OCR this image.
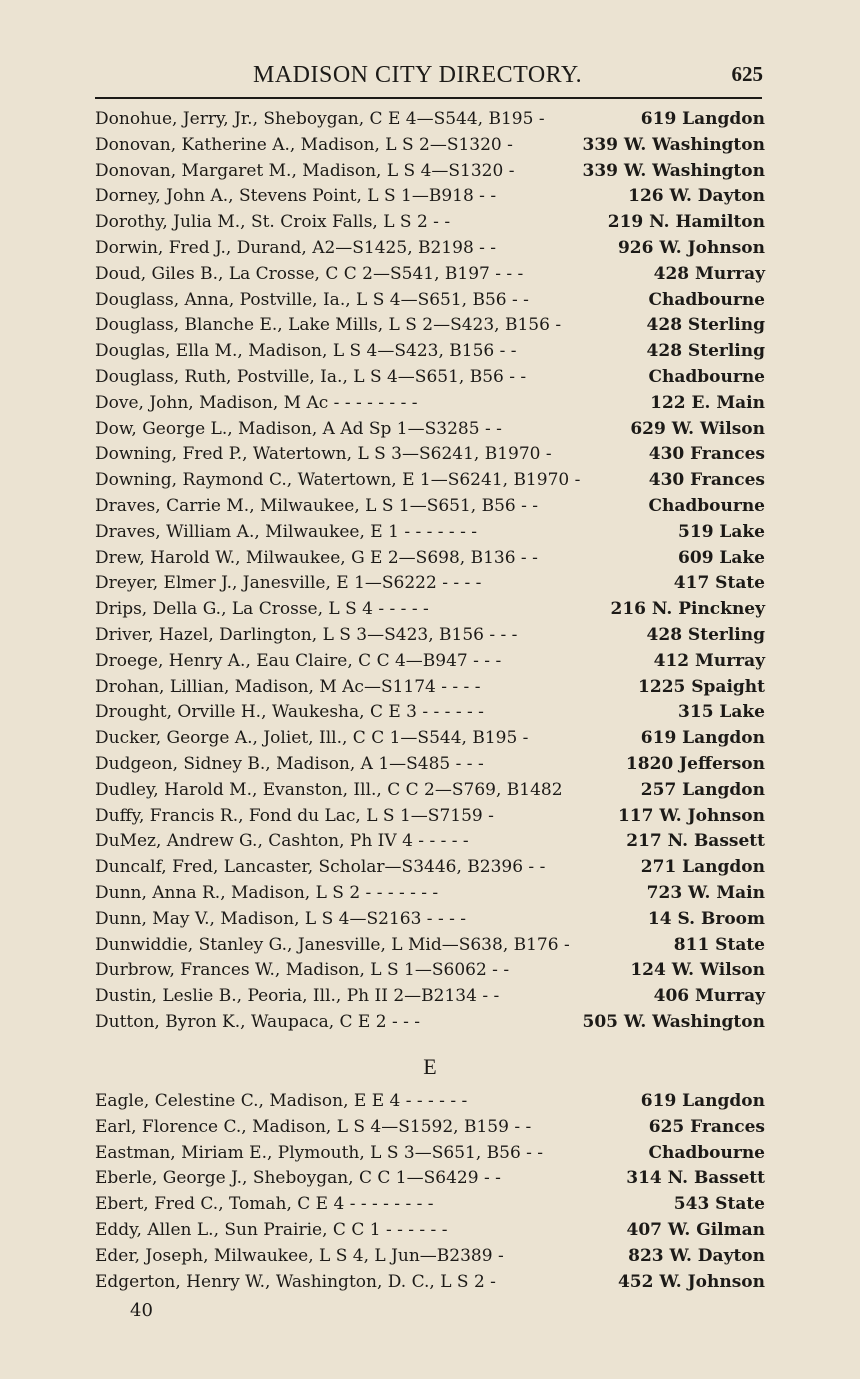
MADISON CITY DIRECTORY.	625
Donohue, Jerry, Jr., Sheboygan, C E 4—S544, B195 -	619 Langdon
Donovan, Katherine A., Madison, L S 2—S1320 -	339 W. Washington
Donovan, Margaret M., Madison, L S 4—S1320 -	339 W. Washington
Dorney, John A., Stevens Point, L S 1—B918 - -	126 W. Dayton
Dorothy, Julia M., St. Croix Falls, L S 2 - -	219 N. Hamilton
Dorwin, Fred J., Durand, A2—S1425, B2198 - -	926 W. Johnson
Doud, Giles B., La Crosse, C C 2—S541, B197 - - -	428 Murray
Douglass, Anna, Postville, Ia., L S 4—S651, B56 - -	Chadbourne
Douglass, Blanche E., Lake Mills, L S 2—S423, B156 -	428 Sterling
Douglas, Ella M., Madison, L S 4—S423, B156 - -	428 Sterling
Douglass, Ruth, Postville, Ia., L S 4—S651, B56 - -	Chadbourne
Dove, John, Madison, M Ac - - - - - - - -	122 E. Main
Dow, George L., Madison, A Ad Sp 1—S3285 - -	629 W. Wilson
Downing, Fred P., Watertown, L S 3—S6241, B1970 -	430 Frances
Downing, Raymond C., Watertown, E 1—S6241, B1970 -	430 Frances
Draves, Carrie M., Milwaukee, L S 1—S651, B56 - -	Chadbourne
Draves, William A., Milwaukee, E 1 - - - - - - -	519 Lake
Drew, Harold W., Milwaukee, G E 2—S698, B136 - -	609 Lake
Dreyer, Elmer J., Janesville, E 1—S6222 - - - -	417 State
Drips, Della G., La Crosse, L S 4 - - - - -	216 N. Pinckney
Driver, Hazel, Darlington, L S 3—S423, B156 - - -	428 Sterling
Droege, Henry A., Eau Claire, C C 4—B947 - - -	412 Murray
Drohan, Lillian, Madison, M Ac—S1174 - - - -	1225 Spaight
Drought, Orville H., Waukesha, C E 3 - - - - - -	315 Lake
Ducker, George A., Joliet, Ill., C C 1—S544, B195 -	619 Langdon
Dudgeon, Sidney B., Madison, A 1—S485 - - -	1820 Jefferson
Dudley, Harold M., Evanston, Ill., C C 2—S769, B1482	257 Langdon
Duffy, Francis R., Fond du Lac, L S 1—S7159 -	117 W. Johnson
DuMez, Andrew G., Cashton, Ph IV 4 - - - - -	217 N. Bassett
Duncalf, Fred, Lancaster, Scholar—S3446, B2396 - -	271 Langdon
Dunn, Anna R., Madison, L S 2 - - - - - - -	723 W. Main
Dunn, May V., Madison, L S 4—S2163 - - - -	14 S. Broom
Dunwiddie, Stanley G., Janesville, L Mid—S638, B176 -	811 State
Durbrow, Frances W., Madison, L S 1—S6062 - -	124 W. Wilson
Dustin, Leslie B., Peoria, Ill., Ph II 2—B2134 - -	406 Murray
Dutton, Byron K., Waupaca, C E 2 - - -	505 W. Washington
E
Eagle, Celestine C., Madison, E E 4 - - - - - -	619 Langdon
Earl, Florence C., Madison, L S 4—S1592, B159 - -	625 Frances
Eastman, Miriam E., Plymouth, L S 3—S651, B56 - -	Chadbourne
Eberle, George J., Sheboygan, C C 1—S6429 - -	314 N. Bassett
Ebert, Fred C., Tomah, C E 4 - - - - - - - -	543 State
Eddy, Allen L., Sun Prairie, C C 1 - - - - - -	407 W. Gilman
Eder, Joseph, Milwaukee, L S 4, L Jun—B2389 -	823 W. Dayton
Edgerton, Henry W., Washington, D. C., L S 2 -	452 W. Johnson
40
